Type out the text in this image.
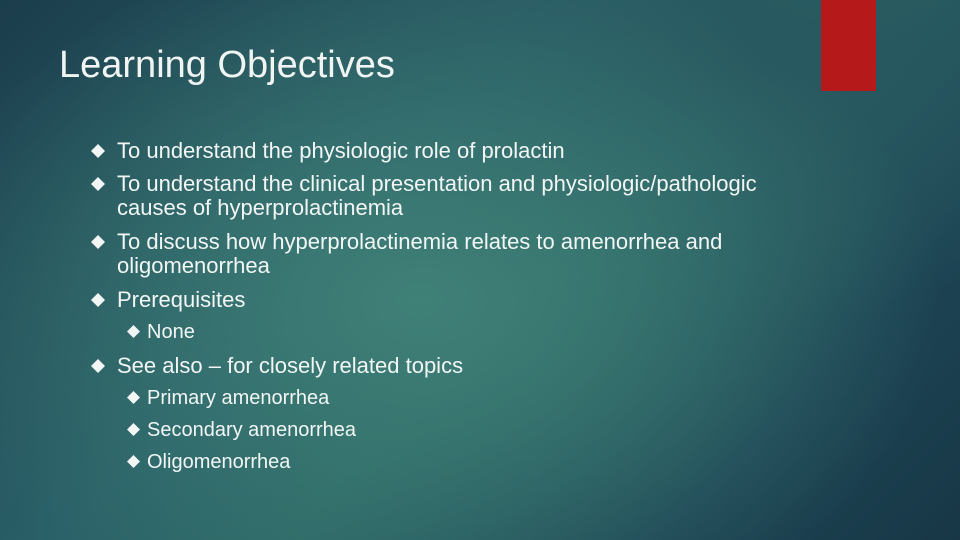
Learning Objectives
To understand the physiologic role of prolactin
To understand the clinical presentation and physiologic/pathologic
causes of hyperprolactinemia
To discuss how hyperprolactinemia relates to amenorrhea and
oligomenorrhea
Prerequisites
None
See also – for closely related topics
Primary amenorrhea
Secondary amenorrhea
Oligomenorrhea
